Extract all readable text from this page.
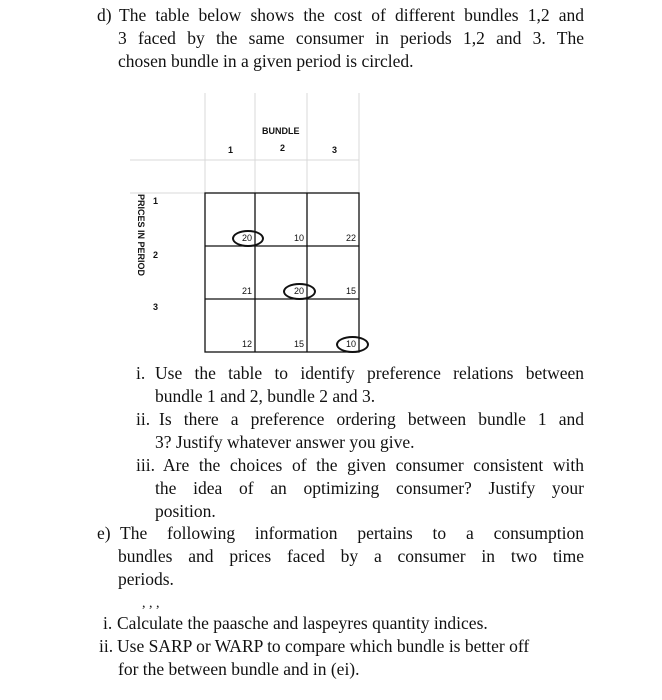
d) The table below shows the cost of different bundles 1,2 and
3 faced by the same consumer in periods 1,2 and 3. The
chosen bundle in a given period is circled.
BUNDLE
1	2	3
PRICES IN PERIOD 1
2
3
20	10	22
21	20	15
12	15	10
i. Use the table to identify preference relations between
bundle 1 and 2, bundle 2 and 3.
ii. Is there a preference ordering between bundle 1 and
3? Justify whatever answer you give.
iii. Are the choices of the given consumer consistent with
the idea of an optimizing consumer? Justify your
position.
e) The following information pertains to a consumption
bundles and prices faced by a consumer in two time
periods.
, , ,
i. Calculate the paasche and laspeyres quantity indices.
ii. Use SARP or WARP to compare which bundle is better off
for the between bundle and in (ei).
